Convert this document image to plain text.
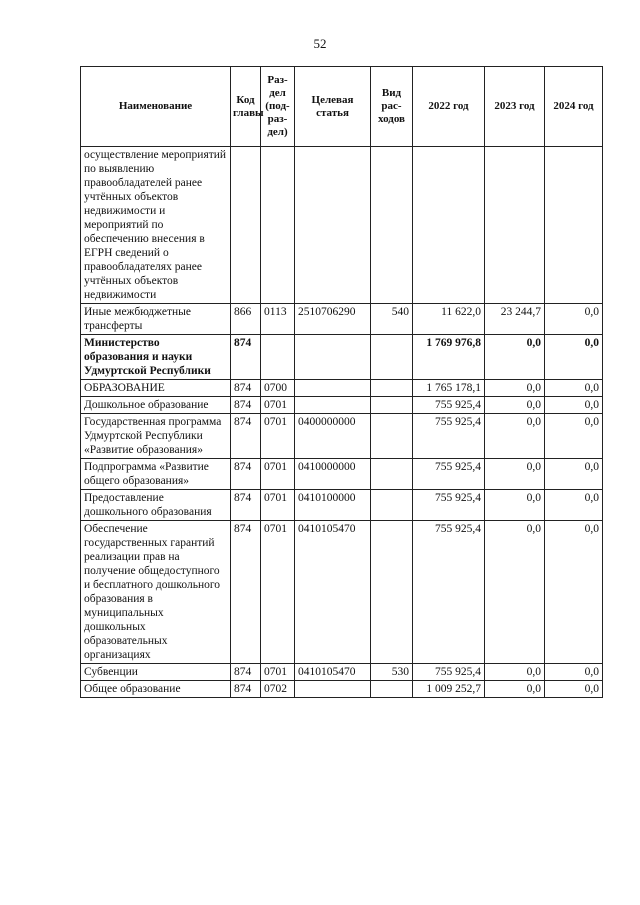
52
Наименование	Код главы	Раз-дел (под-раз-дел)	Целевая статья	Вид рас-ходов	2022 год	2023 год	2024 год
осуществление мероприятий по выявлению правообладателей ранее учтённых объектов недвижимости и мероприятий по обеспечению внесения в ЕГРН сведений о правообладателях ранее учтённых объектов недвижимости							
Иные межбюджетные трансферты	866	0113	2510706290	540	11 622,0	23 244,7	0,0
Министерство образования и науки Удмуртской Республики	874				1 769 976,8	0,0	0,0
ОБРАЗОВАНИЕ	874	0700			1 765 178,1	0,0	0,0
Дошкольное образование	874	0701			755 925,4	0,0	0,0
Государственная программа Удмуртской Республики «Развитие образования»	874	0701	0400000000		755 925,4	0,0	0,0
Подпрограмма «Развитие общего образования»	874	0701	0410000000		755 925,4	0,0	0,0
Предоставление дошкольного образования	874	0701	0410100000		755 925,4	0,0	0,0
Обеспечение государственных гарантий реализации прав на получение общедоступного и бесплатного дошкольного образования в муниципальных дошкольных образовательных организациях	874	0701	0410105470		755 925,4	0,0	0,0
Субвенции	874	0701	0410105470	530	755 925,4	0,0	0,0
Общее образование	874	0702			1 009 252,7	0,0	0,0
